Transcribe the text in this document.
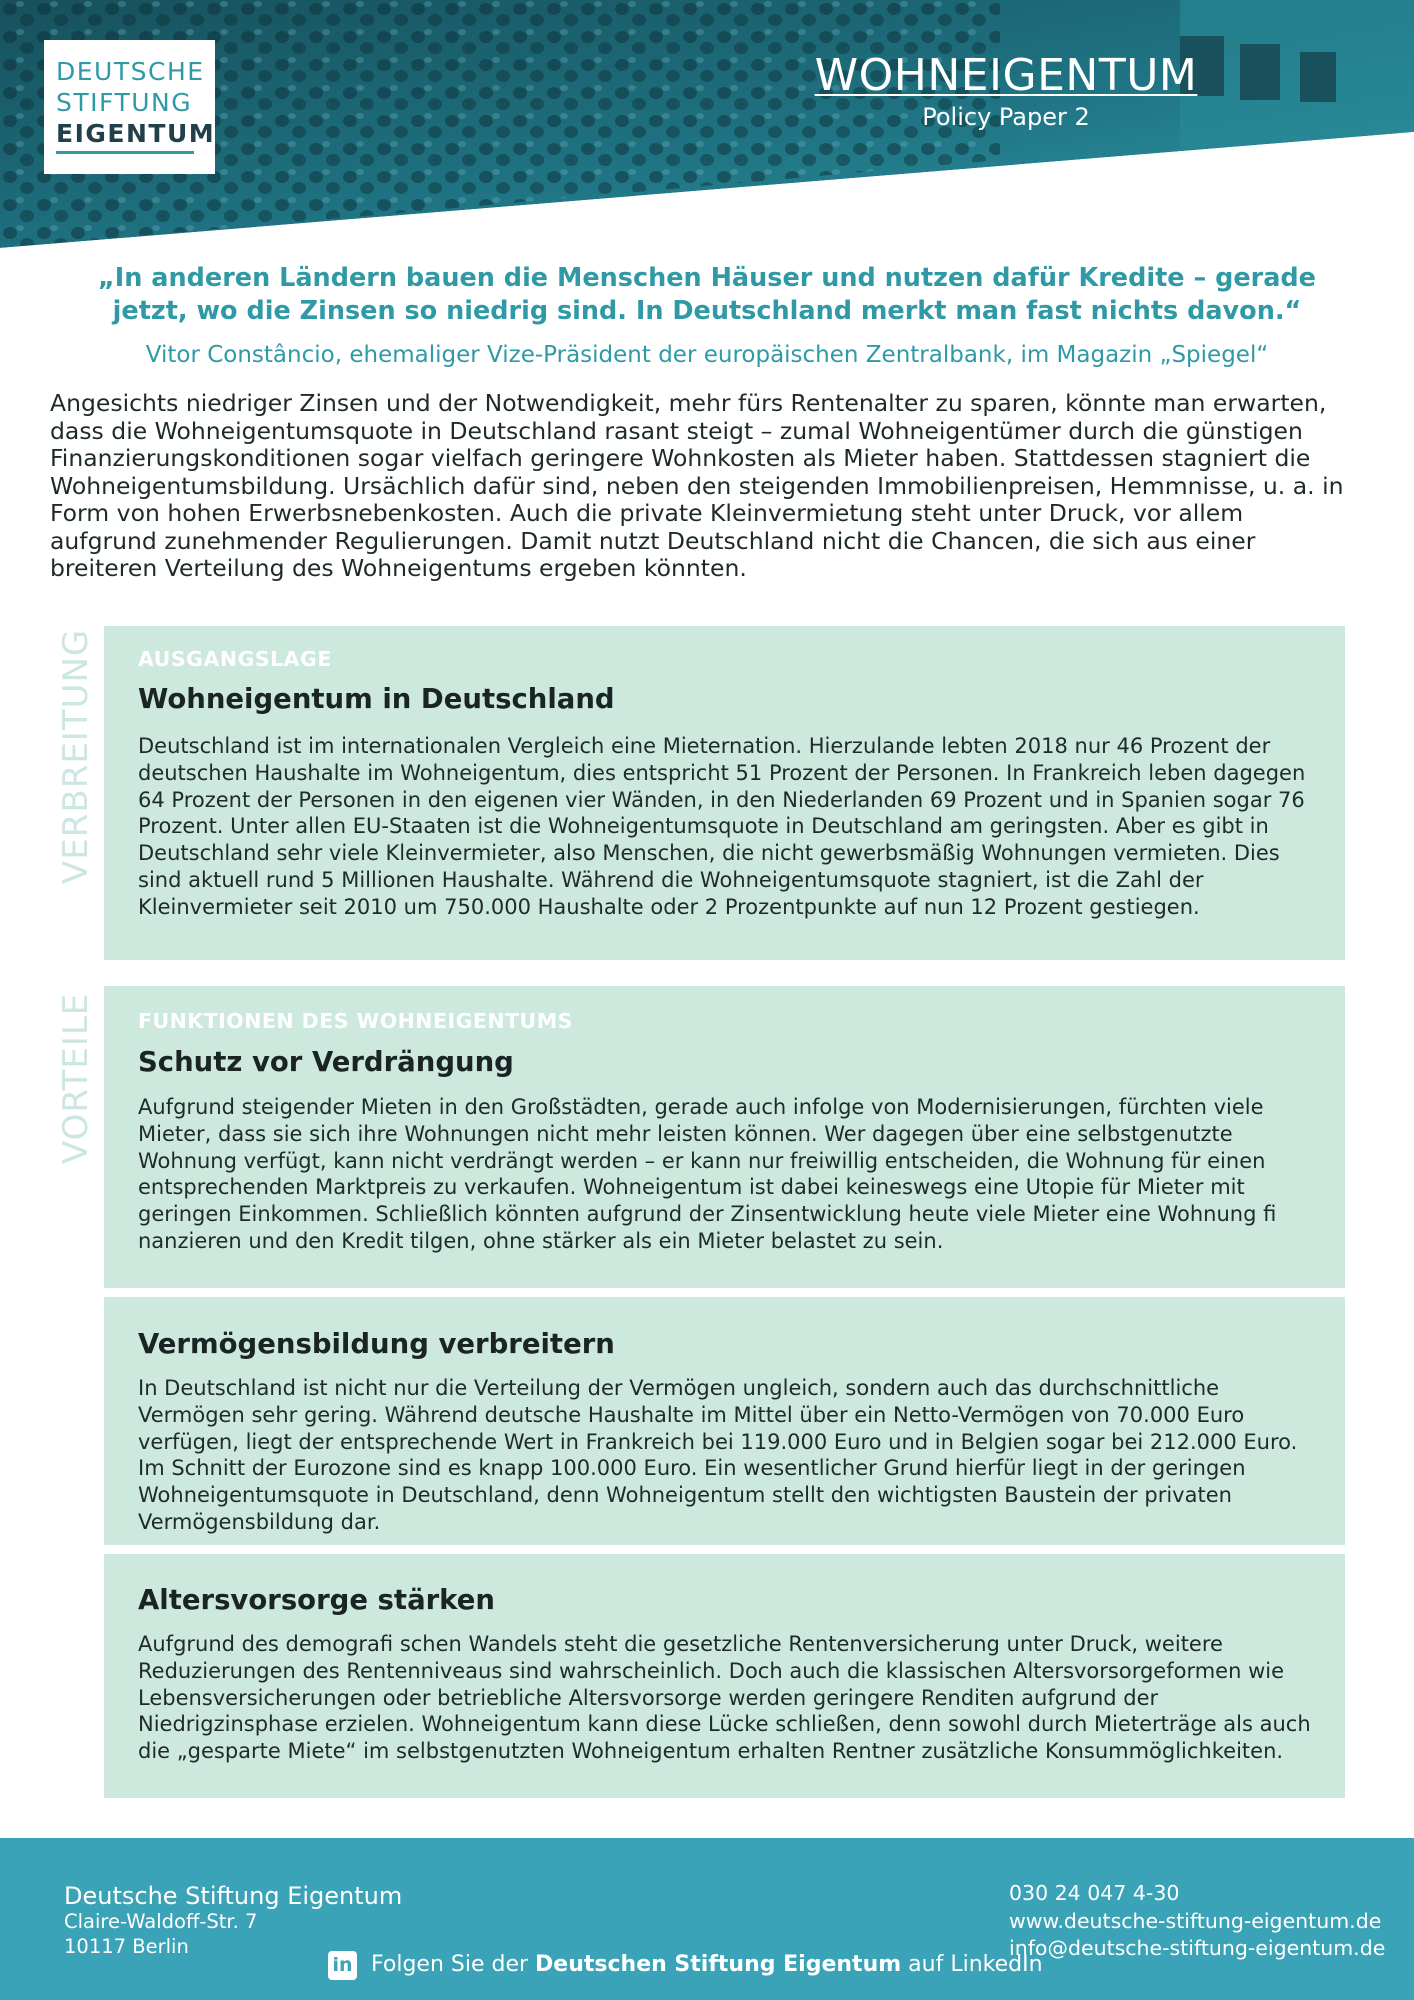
DEUTSCHE
STIFTUNG
EIGENTUM
WOHNEIGENTUM
Policy Paper 2

„In anderen Ländern bauen die Menschen Häuser und nutzen dafür Kredite – gerade jetzt, wo die Zinsen so niedrig sind. In Deutschland merkt man fast nichts davon.“

Vitor Constâncio, ehemaliger Vize-Präsident der europäischen Zentralbank, im Magazin „Spiegel“

Angesichts niedriger Zinsen und der Notwendigkeit, mehr fürs Rentenalter zu sparen, könnte man erwarten, dass die Wohneigentumsquote in Deutschland rasant steigt – zumal Wohneigentümer durch die günstigen Finanzierungskonditionen sogar vielfach geringere Wohnkosten als Mieter haben. Stattdessen stagniert die Wohneigentumsbildung. Ursächlich dafür sind, neben den steigenden Immobilienpreisen, Hemmnisse, u. a. in Form von hohen Erwerbsnebenkosten. Auch die private Kleinvermietung steht unter Druck, vor allem aufgrund zunehmender Regulierungen. Damit nutzt Deutschland nicht die Chancen, die sich aus einer breiteren Verteilung des Wohneigentums ergeben könnten.

VERBREITUNG
VORTEILE
AUSGANGSLAGE
Wohneigentum in Deutschland

Deutschland ist im internationalen Vergleich eine Mieternation. Hierzulande lebten 2018 nur 46 Prozent der deutschen Haushalte im Wohneigentum, dies entspricht 51 Prozent der Personen. In Frankreich leben dagegen 64 Prozent der Personen in den eigenen vier Wänden, in den Niederlanden 69 Prozent und in Spanien sogar 76 Prozent. Unter allen EU-Staaten ist die Wohneigentumsquote in Deutschland am geringsten. Aber es gibt in Deutschland sehr viele Kleinvermieter, also Menschen, die nicht gewerbsmäßig Wohnungen vermieten. Dies sind aktuell rund 5 Millionen Haushalte. Während die Wohneigentumsquote stagniert, ist die Zahl der Kleinvermieter seit 2010 um 750.000 Haushalte oder 2 Prozentpunkte auf nun 12 Prozent gestiegen.

FUNKTIONEN DES WOHNEIGENTUMS
Schutz vor Verdrängung

Aufgrund steigender Mieten in den Großstädten, gerade auch infolge von Modernisierungen, fürchten viele Mieter, dass sie sich ihre Wohnungen nicht mehr leisten können. Wer dagegen über eine selbstgenutzte Wohnung verfügt, kann nicht verdrängt werden – er kann nur freiwillig entscheiden, die Wohnung für einen entsprechenden Marktpreis zu verkaufen. Wohneigentum ist dabei keineswegs eine Utopie für Mieter mit geringen Einkommen. Schließlich könnten aufgrund der Zinsentwicklung heute viele Mieter eine Wohnung fi nanzieren und den Kredit tilgen, ohne stärker als ein Mieter belastet zu sein.

Vermögensbildung verbreitern

In Deutschland ist nicht nur die Verteilung der Vermögen ungleich, sondern auch das durchschnittliche Vermögen sehr gering. Während deutsche Haushalte im Mittel über ein Netto-Vermögen von 70.000 Euro verfügen, liegt der entsprechende Wert in Frankreich bei 119.000 Euro und in Belgien sogar bei 212.000 Euro. Im Schnitt der Eurozone sind es knapp 100.000 Euro. Ein wesentlicher Grund hierfür liegt in der geringen Wohneigentumsquote in Deutschland, denn Wohneigentum stellt den wichtigsten Baustein der privaten Vermögensbildung dar.

Altersvorsorge stärken

Aufgrund des demografi schen Wandels steht die gesetzliche Rentenversicherung unter Druck, weitere Reduzierungen des Rentenniveaus sind wahrscheinlich. Doch auch die klassischen Altersvorsorgeformen wie Lebensversicherungen oder betriebliche Altersvorsorge werden geringere Renditen aufgrund der Niedrigzinsphase erzielen. Wohneigentum kann diese Lücke schließen, denn sowohl durch Mieterträge als auch die „gesparte Miete“ im selbstgenutzten Wohneigentum erhalten Rentner zusätzliche Konsummöglichkeiten.

Deutsche Stiftung Eigentum
Claire-Waldoff-Str. 7
10117 Berlin
in Folgen Sie der Deutschen Stiftung Eigentum auf LinkedIn
030 24 047 4-30
www.deutsche-stiftung-eigentum.de
info@deutsche-stiftung-eigentum.de
